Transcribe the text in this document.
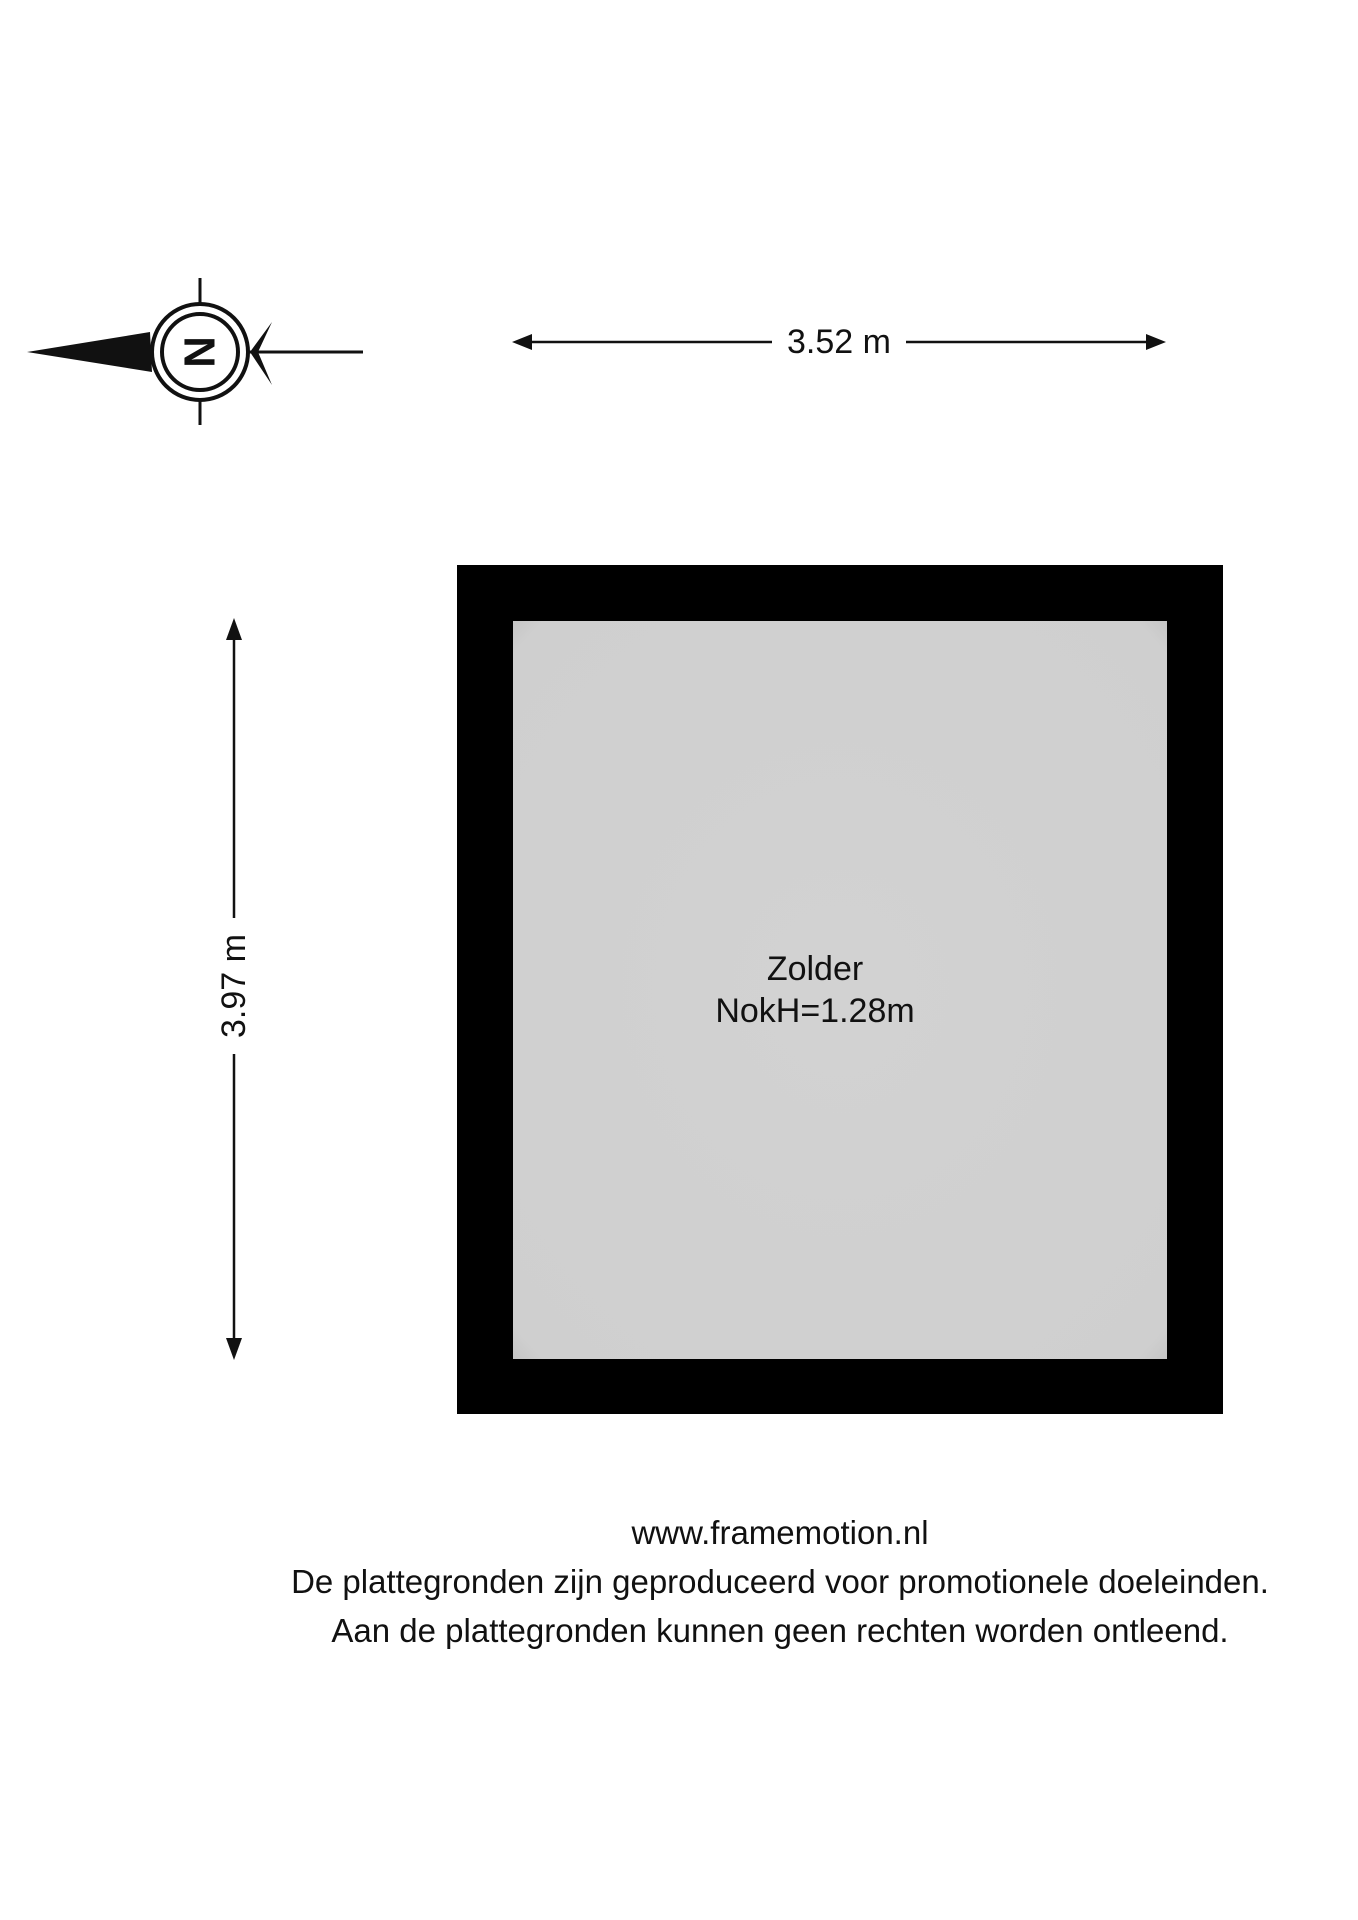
N	3.52 m
3.97 m	Zolder
NokH=1.28m
www.framemotion.nl
De plattegronden zijn geproduceerd voor promotionele doeleinden.
Aan de plattegronden kunnen geen rechten worden ontleend.
